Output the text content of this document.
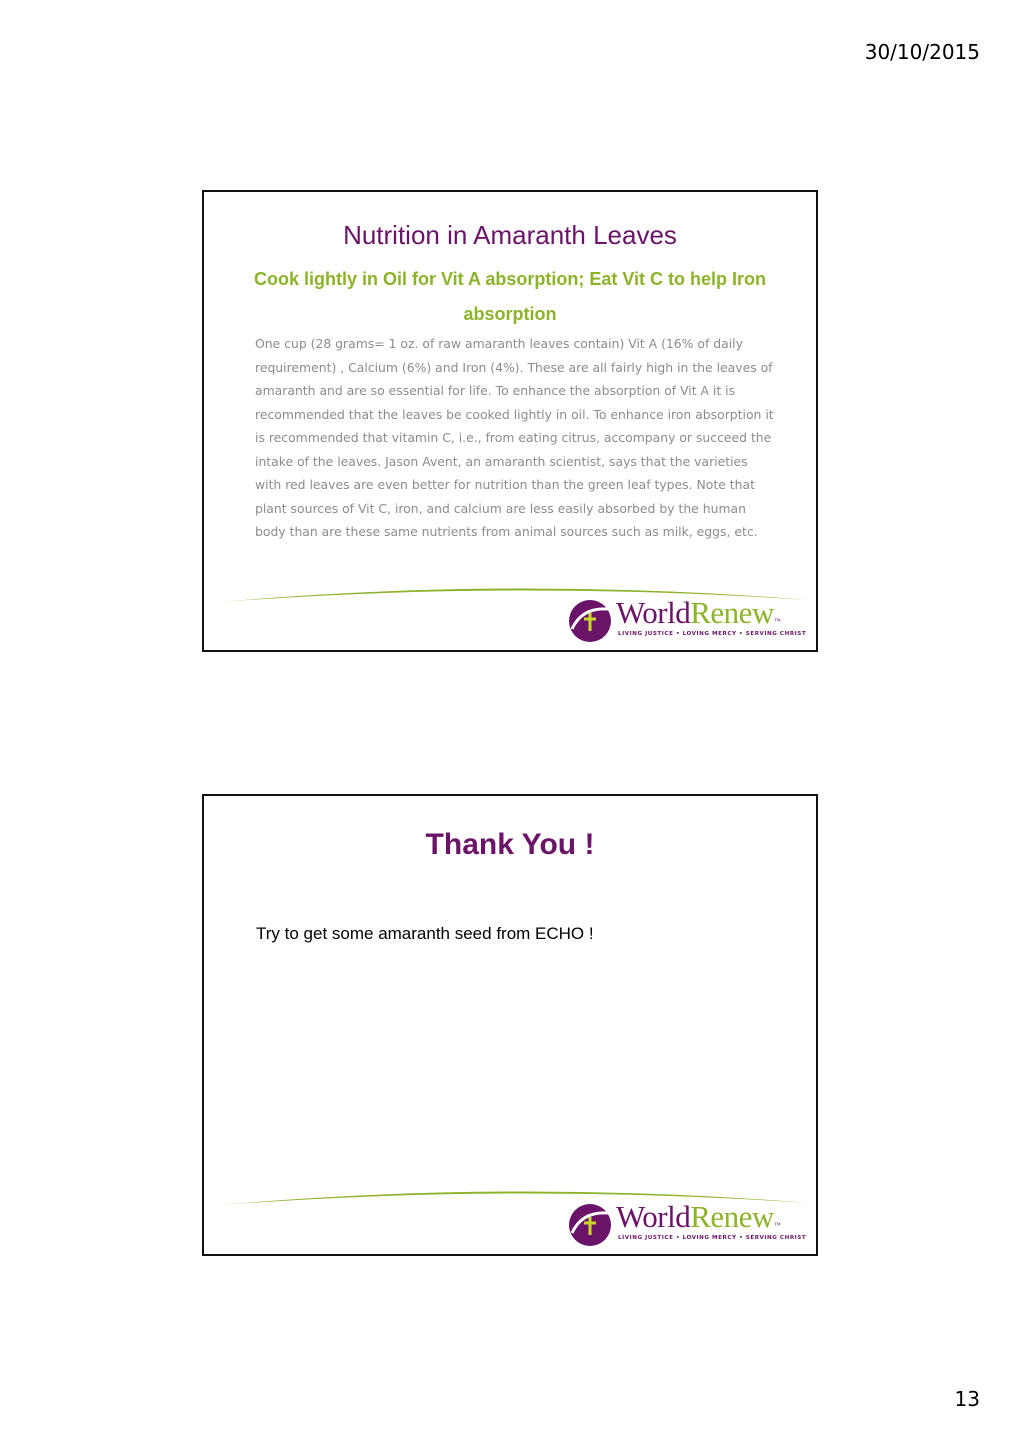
30/10/2015
Nutrition in Amaranth Leaves
Cook lightly in Oil for Vit A absorption; Eat Vit C to help Iron absorption
One cup (28 grams= 1 oz. of raw amaranth leaves contain) Vit A (16% of daily requirement) , Calcium (6%) and Iron (4%). These are all fairly high in the leaves of amaranth and are so essential for life. To enhance the absorption of Vit A it is recommended that the leaves be cooked lightly in oil. To enhance iron absorption it is recommended that vitamin C, i.e., from eating citrus, accompany or succeed the intake of the leaves. Jason Avent, an amaranth scientist, says that the varieties with red leaves are even better for nutrition than the green leaf types. Note that plant sources of Vit C, iron, and calcium are less easily absorbed by the human body than are these same nutrients from animal sources such as milk, eggs, etc.
WorldRenew™
LIVING JUSTICE • LOVING MERCY • SERVING CHRIST
Thank You !
Try to get some amaranth seed from ECHO !
WorldRenew™
LIVING JUSTICE • LOVING MERCY • SERVING CHRIST
13
